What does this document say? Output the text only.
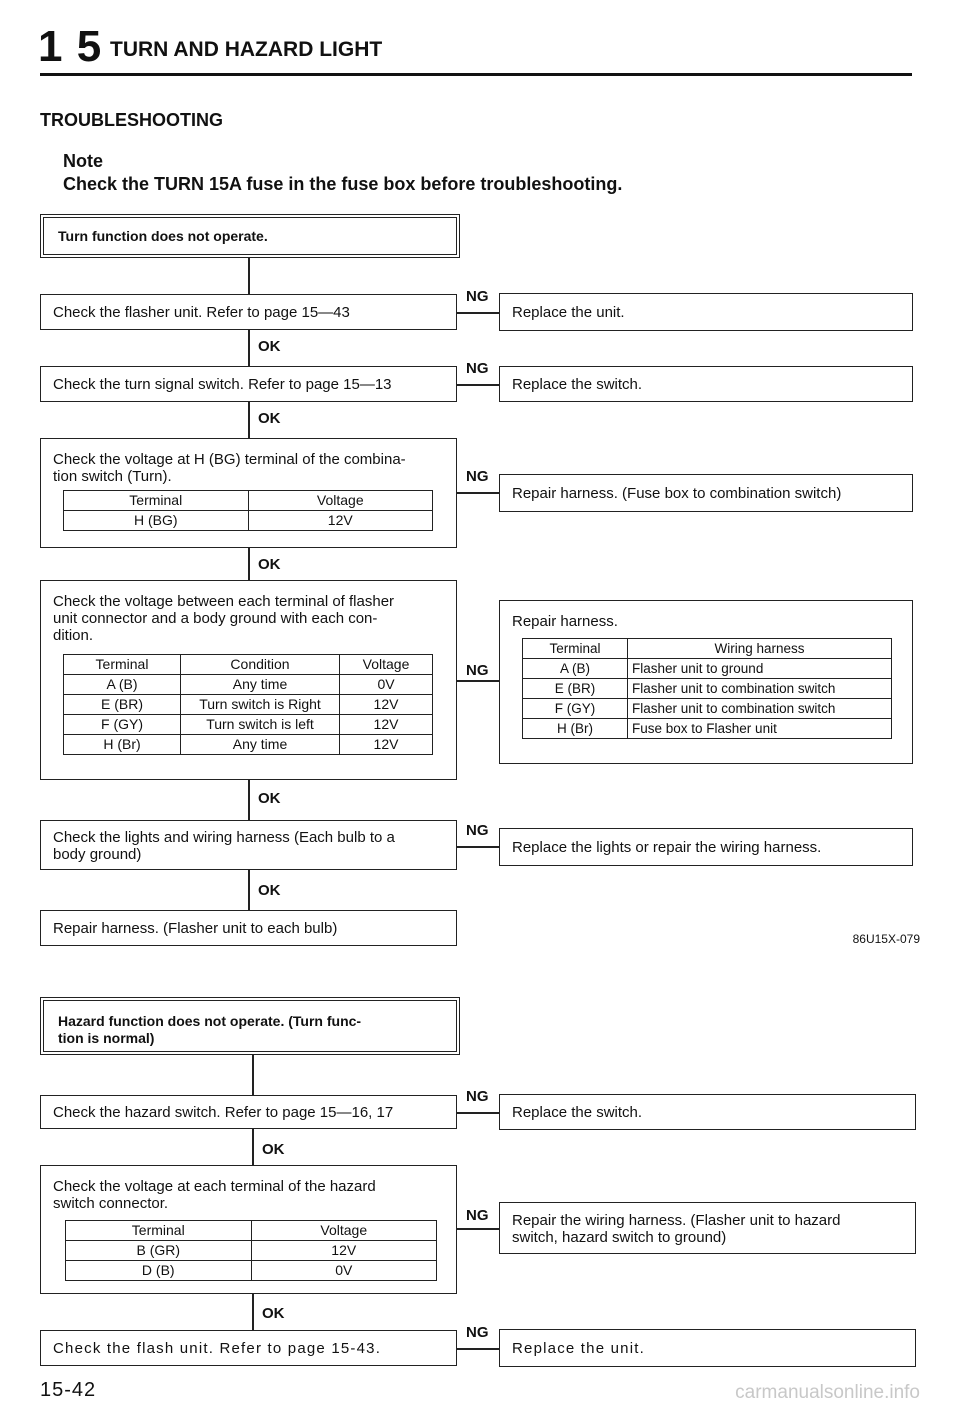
1 5 TURN AND HAZARD LIGHT
TROUBLESHOOTING
Note
Check the TURN 15A fuse in the fuse box before troubleshooting.
Turn function does not operate.
Check the flasher unit. Refer to page 15—43
NG
Replace the unit.
OK
Check the turn signal switch. Refer to page 15—13
NG
Replace the switch.
OK
Check the voltage at H (BG) terminal of the combina-
tion switch (Turn).
Terminal	Voltage
H (BG)	12V
NG
Repair harness. (Fuse box to combination switch)
OK
Check the voltage between each terminal of flasher
unit connector and a body ground with each con-
dition.
Terminal	Condition	Voltage
A (B)	Any time	0V
E (BR)	Turn switch is Right	12V
F (GY)	Turn switch is left	12V
H (Br)	Any time	12V
NG
Repair harness.
Terminal	Wiring harness
A (B)	Flasher unit to ground
E (BR)	Flasher unit to combination switch
F (GY)	Flasher unit to combination switch
H (Br)	Fuse box to Flasher unit
OK
Check the lights and wiring harness (Each bulb to a
body ground)
NG
Replace the lights or repair the wiring harness.
OK
Repair harness. (Flasher unit to each bulb)
86U15X-079
Hazard function does not operate. (Turn func-
tion is normal)
Check the hazard switch. Refer to page 15—16, 17
NG
Replace the switch.
OK
Check the voltage at each terminal of the hazard
switch connector.
Terminal	Voltage
B (GR)	12V
D (B)	0V
NG	Repair the wiring harness. (Flasher unit to hazard
switch, hazard switch to ground)
OK
Check the flash unit. Refer to page 15-43.
NG
Replace the unit.
15-42	carmanualsonline.info
